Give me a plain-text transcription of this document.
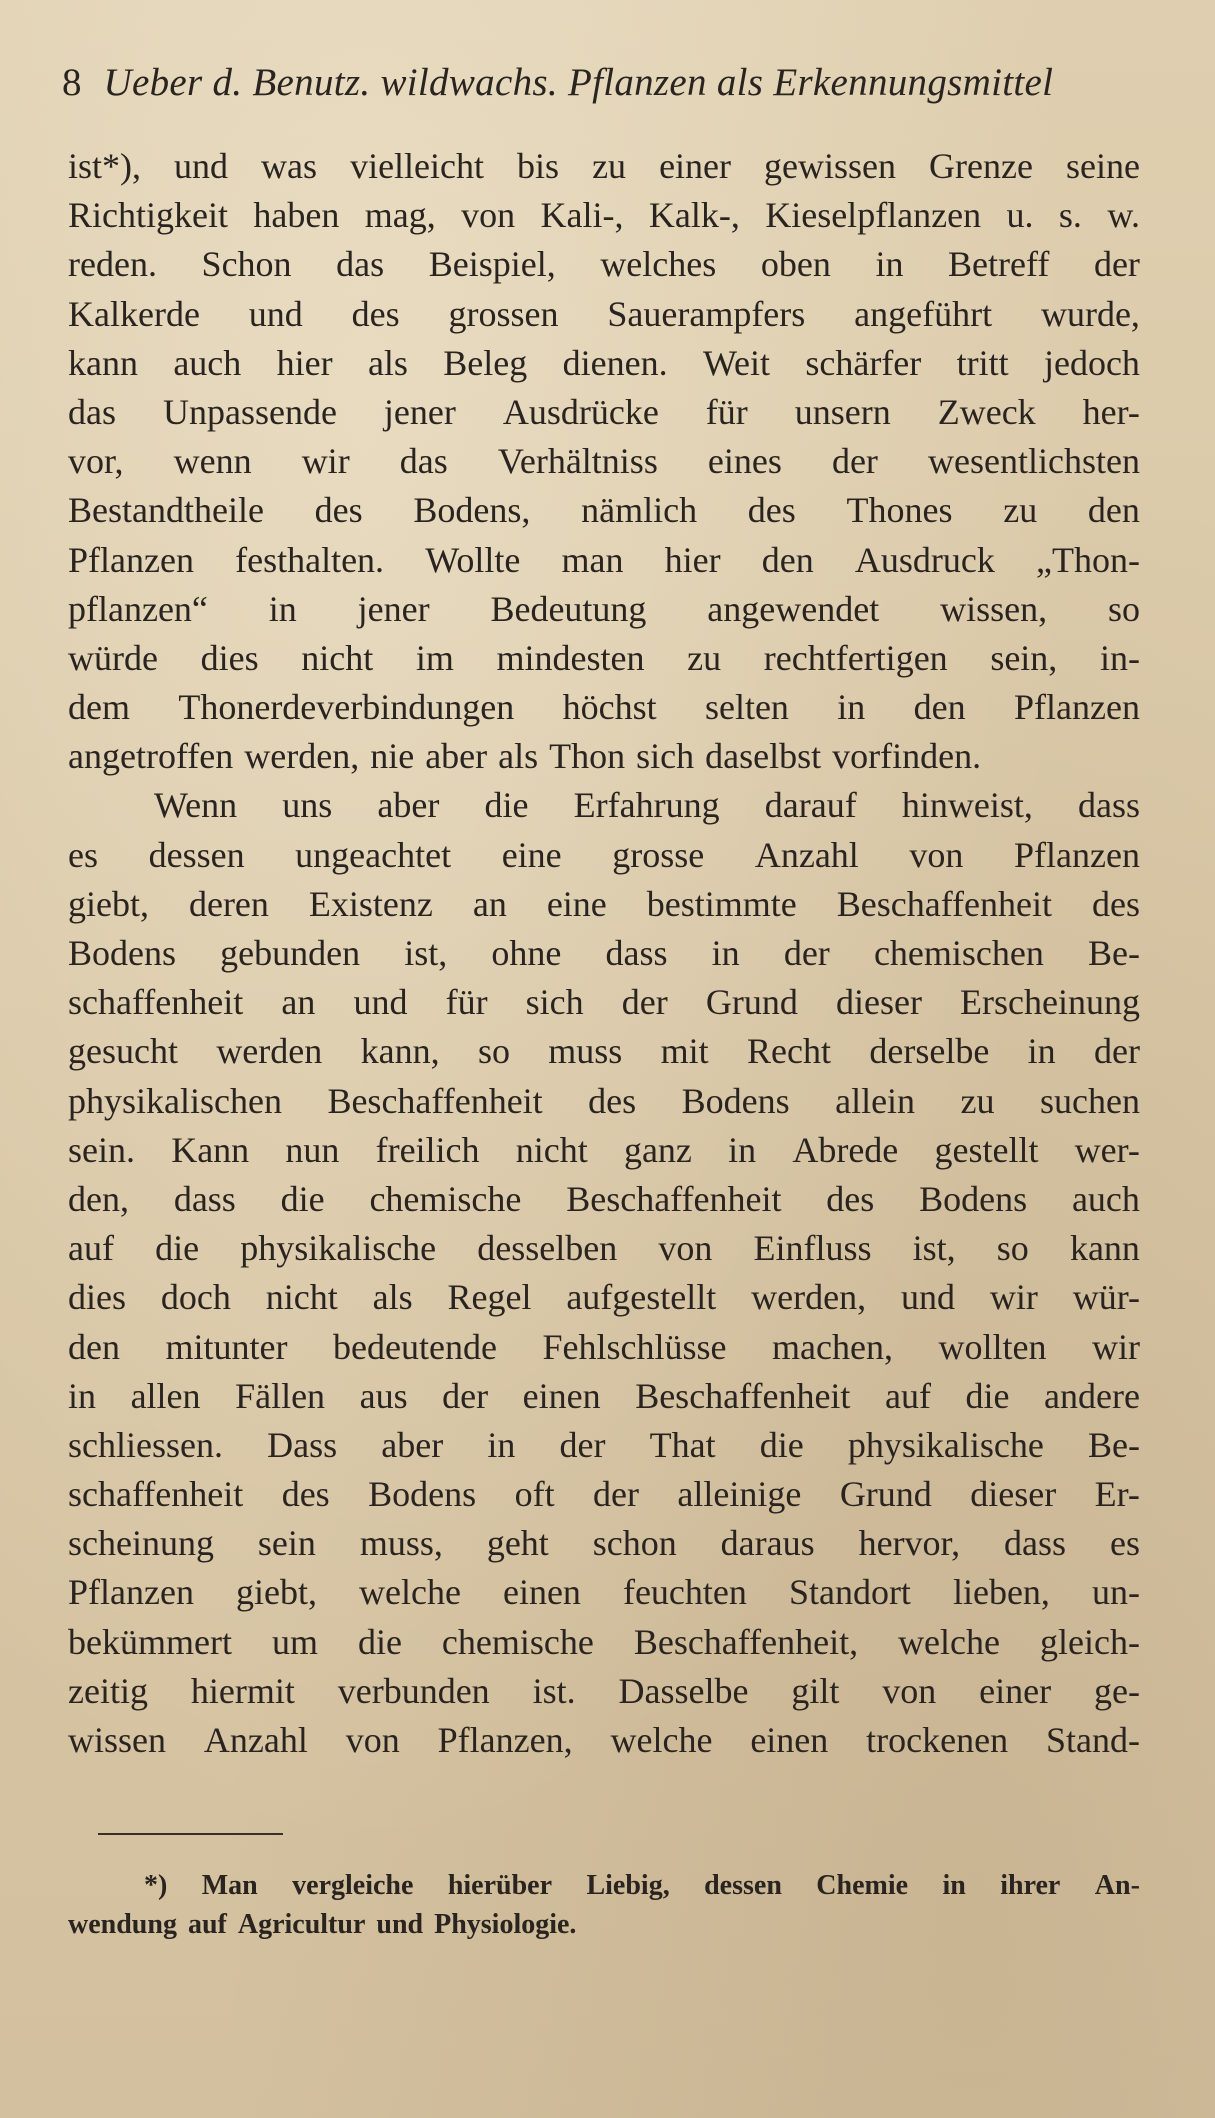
8 Ueber d. Benutz. wildwachs. Pflanzen als Erkennungsmittel
ist*), und was vielleicht bis zu einer gewissen Grenze seine
Richtigkeit haben mag, von Kali-, Kalk-, Kieselpflanzen u. s. w.
reden. Schon das Beispiel, welches oben in Betreff der
Kalkerde und des grossen Sauerampfers angeführt wurde,
kann auch hier als Beleg dienen. Weit schärfer tritt jedoch
das Unpassende jener Ausdrücke für unsern Zweck her-
vor, wenn wir das Verhältniss eines der wesentlichsten
Bestandtheile des Bodens, nämlich des Thones zu den
Pflanzen festhalten. Wollte man hier den Ausdruck „Thon-
pflanzen“ in jener Bedeutung angewendet wissen, so
würde dies nicht im mindesten zu rechtfertigen sein, in-
dem Thonerdeverbindungen höchst selten in den Pflanzen
angetroffen werden, nie aber als Thon sich daselbst vorfinden.
Wenn uns aber die Erfahrung darauf hinweist, dass
es dessen ungeachtet eine grosse Anzahl von Pflanzen
giebt, deren Existenz an eine bestimmte Beschaffenheit des
Bodens gebunden ist, ohne dass in der chemischen Be-
schaffenheit an und für sich der Grund dieser Erscheinung
gesucht werden kann, so muss mit Recht derselbe in der
physikalischen Beschaffenheit des Bodens allein zu suchen
sein. Kann nun freilich nicht ganz in Abrede gestellt wer-
den, dass die chemische Beschaffenheit des Bodens auch
auf die physikalische desselben von Einfluss ist, so kann
dies doch nicht als Regel aufgestellt werden, und wir wür-
den mitunter bedeutende Fehlschlüsse machen, wollten wir
in allen Fällen aus der einen Beschaffenheit auf die andere
schliessen. Dass aber in der That die physikalische Be-
schaffenheit des Bodens oft der alleinige Grund dieser Er-
scheinung sein muss, geht schon daraus hervor, dass es
Pflanzen giebt, welche einen feuchten Standort lieben, un-
bekümmert um die chemische Beschaffenheit, welche gleich-
zeitig hiermit verbunden ist. Dasselbe gilt von einer ge-
wissen Anzahl von Pflanzen, welche einen trockenen Stand-
*) Man vergleiche hierüber Liebig, dessen Chemie in ihrer An-
wendung auf Agricultur und Physiologie.
